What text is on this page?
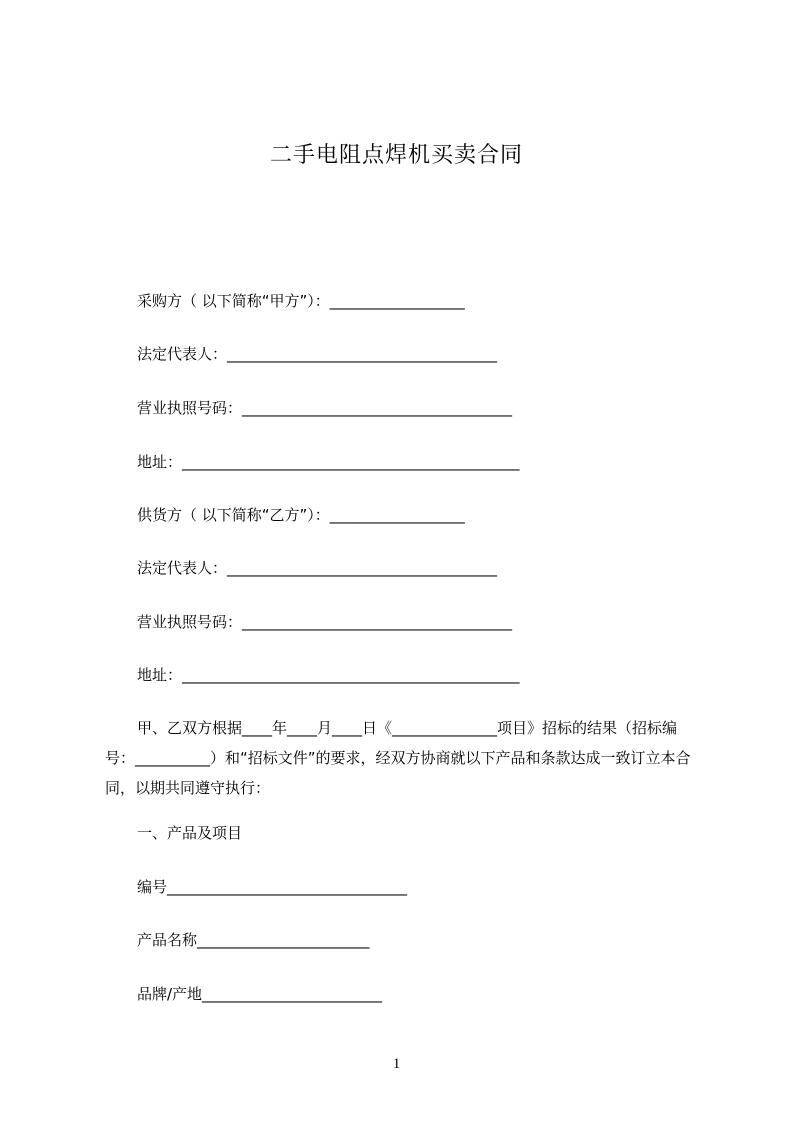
二手电阻点焊机买卖合同
采购方（ 以下简称“甲方”）：__________________
法定代表人：____________________________________
营业执照号码：____________________________________
地址：_____________________________________________
供货方（ 以下简称“乙方”）：__________________
法定代表人：____________________________________
营业执照号码：____________________________________
地址：_____________________________________________
甲、乙双方根据____年____月____日《______________项目》招标的结果（招标编号：__________）和“招标文件”的要求，经双方协商就以下产品和条款达成一致订立本合同，以期共同遵守执行：
一、产品及项目
编号________________________________
产品名称_______________________
品牌/产地________________________
1
